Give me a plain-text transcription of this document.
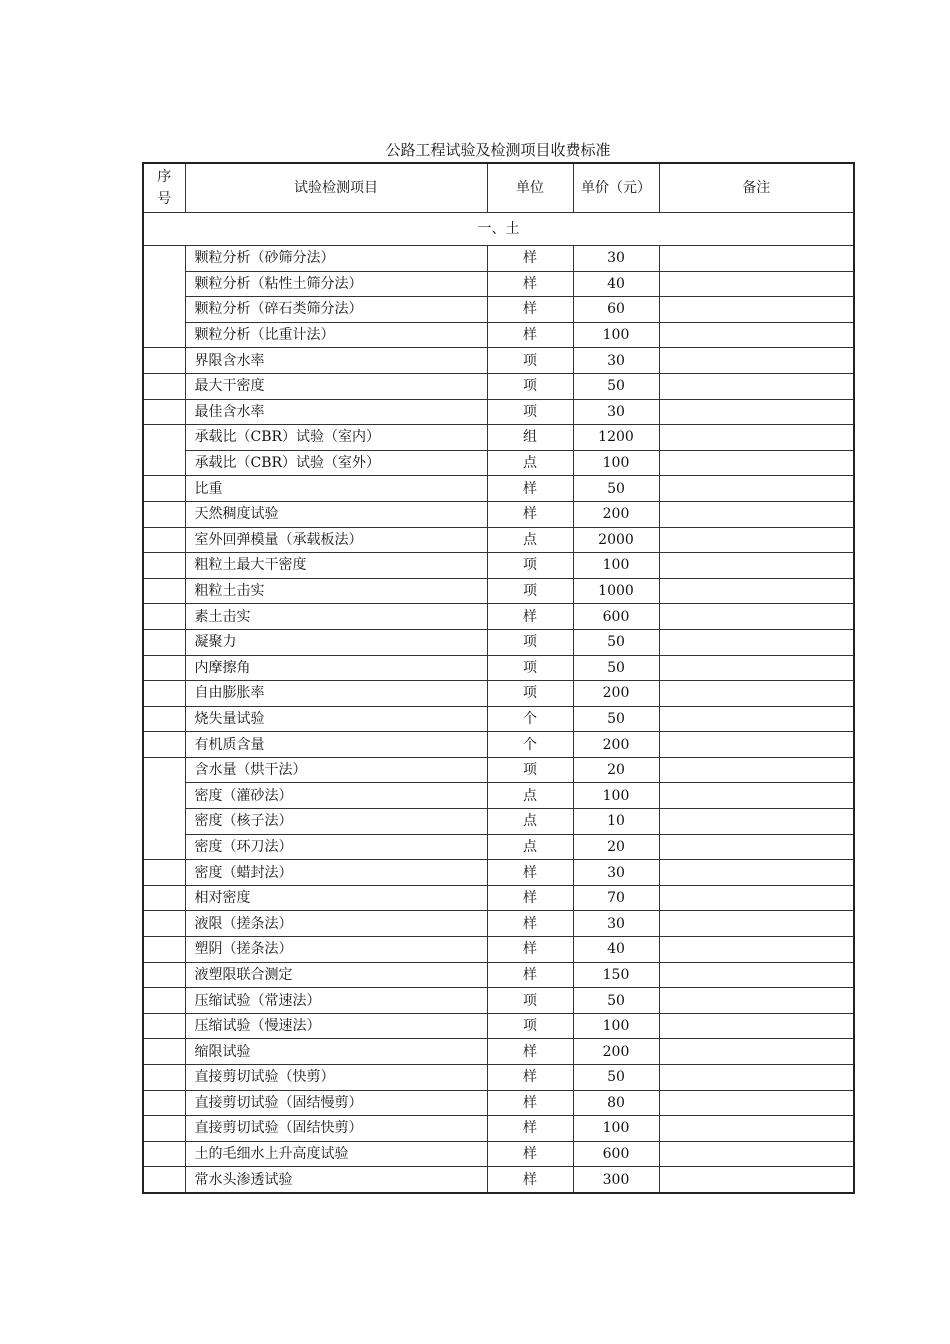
公路工程试验及检测项目收费标准
序
号	试验检测项目	单位	单价（元）	备注
一、土				
	颗粒分析（砂筛分法）	样	30	
	颗粒分析（粘性土筛分法）	样	40	
	颗粒分析（碎石类筛分法）	样	60	
	颗粒分析（比重计法）	样	100	
	界限含水率	项	30	
	最大干密度	项	50	
	最佳含水率	项	30	
	承载比（CBR）试验（室内）	组	1200	
	承载比（CBR）试验（室外）	点	100	
	比重	样	50	
	天然稠度试验	样	200	
	室外回弹模量（承载板法）	点	2000	
	粗粒土最大干密度	项	100	
	粗粒土击实	项	1000	
	素土击实	样	600	
	凝聚力	项	50	
	内摩擦角	项	50	
	自由膨胀率	项	200	
	烧失量试验	个	50	
	有机质含量	个	200	
	含水量（烘干法）	项	20	
	密度（灌砂法）	点	100	
	密度（核子法）	点	10	
	密度（环刀法）	点	20	
	密度（蜡封法）	样	30	
	相对密度	样	70	
	液限（搓条法）	样	30	
	塑阴（搓条法）	样	40	
	液塑限联合测定	样	150	
	压缩试验（常速法）	项	50	
	压缩试验（慢速法）	项	100	
	缩限试验	样	200	
	直接剪切试验（快剪）	样	50	
	直接剪切试验（固结慢剪）	样	80	
	直接剪切试验（固结快剪）	样	100	
	土的毛细水上升高度试验	样	600	
	常水头渗透试验	样	300	
